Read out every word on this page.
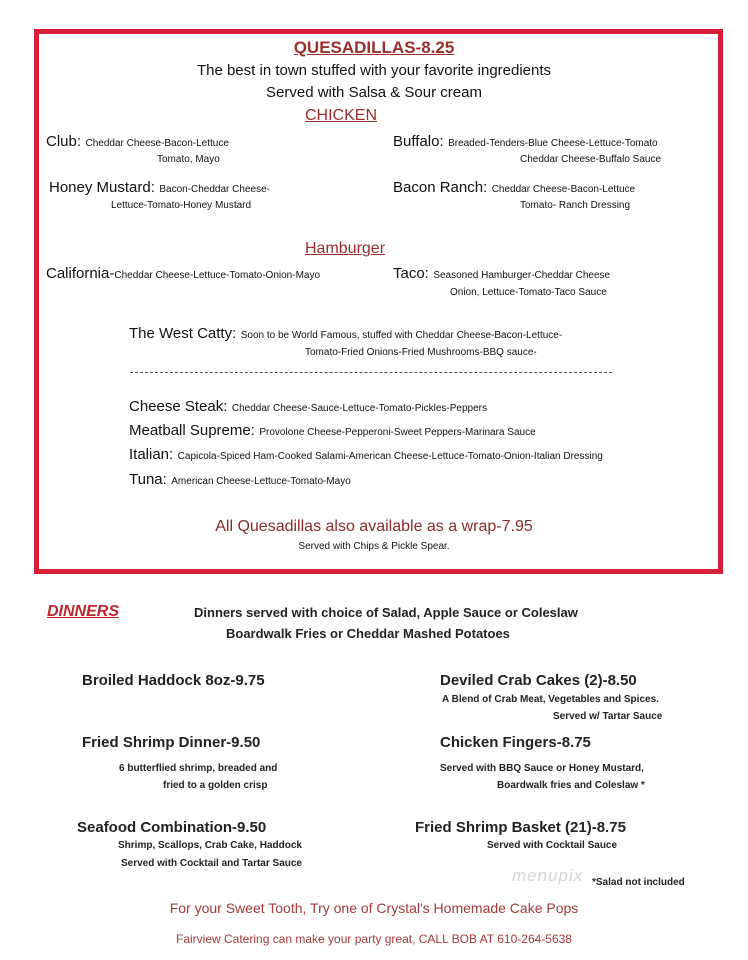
QUESADILLAS-8.25
The best in town stuffed with your favorite ingredients
Served with Salsa & Sour cream
CHICKEN
Club: Cheddar Cheese-Bacon-Lettuce
Tomato, Mayo
Buffalo: Breaded-Tenders-Blue Cheese-Lettuce-Tomato
Cheddar Cheese-Buffalo Sauce
Honey Mustard: Bacon-Cheddar Cheese-
Lettuce-Tomato-Honey Mustard
Bacon Ranch: Cheddar Cheese-Bacon-Lettuce
Tomato- Ranch Dressing
Hamburger
California-Cheddar Cheese-Lettuce-Tomato-Onion-Mayo	Taco: Seasoned Hamburger-Cheddar Cheese
Onion, Lettuce-Tomato-Taco Sauce
The West Catty: Soon to be World Famous, stuffed with Cheddar Cheese-Bacon-Lettuce-
Tomato-Fried Onions-Fried Mushrooms-BBQ sauce-
Cheese Steak: Cheddar Cheese-Sauce-Lettuce-Tomato-Pickles-Peppers
Meatball Supreme: Provolone Cheese-Pepperoni-Sweet Peppers-Marinara Sauce
Italian: Capicola-Spiced Ham-Cooked Salami-American Cheese-Lettuce-Tomato-Onion-Italian Dressing
Tuna: American Cheese-Lettuce-Tomato-Mayo
All Quesadillas also available as a wrap-7.95
Served with Chips & Pickle Spear.
DINNERS	Dinners served with choice of Salad, Apple Sauce or Coleslaw
Boardwalk Fries or Cheddar Mashed Potatoes
Broiled Haddock 8oz-9.75	Deviled Crab Cakes (2)-8.50
A Blend of Crab Meat, Vegetables and Spices.
Served w/ Tartar Sauce
Fried Shrimp Dinner-9.50
6 butterflied shrimp, breaded and
fried to a golden crisp
Chicken Fingers-8.75
Served with BBQ Sauce or Honey Mustard,
Boardwalk fries and Coleslaw *
Seafood Combination-9.50
Shrimp, Scallops, Crab Cake, Haddock
Served with Cocktail and Tartar Sauce
Fried Shrimp Basket (21)-8.75
Served with Cocktail Sauce
menupix *Salad not included
For your Sweet Tooth, Try one of Crystal's Homemade Cake Pops
Fairview Catering can make your party great, CALL BOB AT 610-264-5638
